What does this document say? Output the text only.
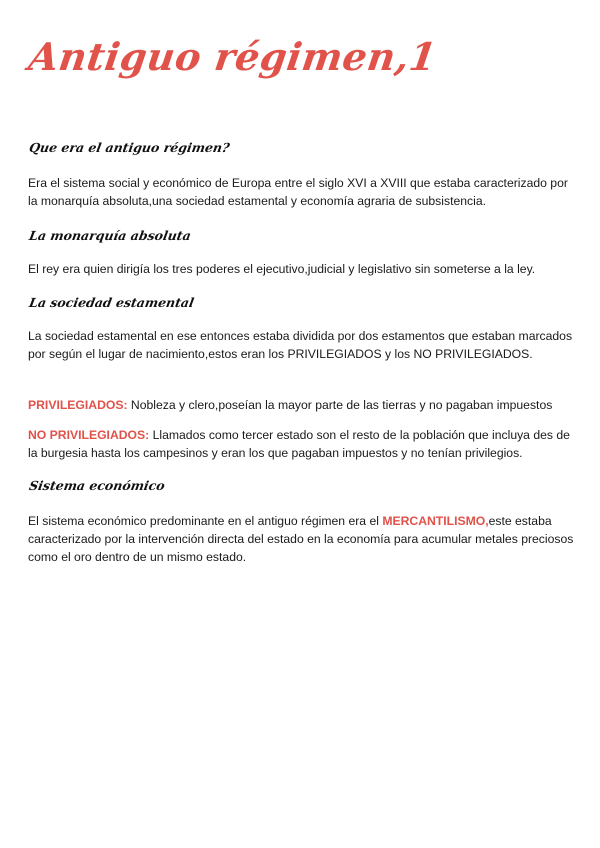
Antiguo régimen,1
Que era el antiguo régimen?

Era el sistema social y económico de Europa entre el siglo XVI a XVIII que estaba caracterizado por la monarquía absoluta,una sociedad estamental y economía agraria de subsistencia.

La monarquía absoluta

El rey era quien dirigía los tres poderes el ejecutivo,judicial y legislativo sin someterse a la ley.

La sociedad estamental

La sociedad estamental en ese entonces estaba dividida por dos estamentos que estaban marcados por según el lugar de nacimiento,estos eran los PRIVILEGIADOS y los NO PRIVILEGIADOS.

PRIVILEGIADOS: Nobleza y clero,poseían la mayor parte de las tierras y no pagaban impuestos

NO PRIVILEGIADOS: Llamados como tercer estado son el resto de la población que incluya des de la burgesia hasta los campesinos y eran los que pagaban impuestos y no tenían privilegios.

Sistema económico

El sistema económico predominante en el antiguo régimen era el MERCANTILISMO,este estaba caracterizado por la intervención directa del estado en la economía para acumular metales preciosos como el oro dentro de un mismo estado.
